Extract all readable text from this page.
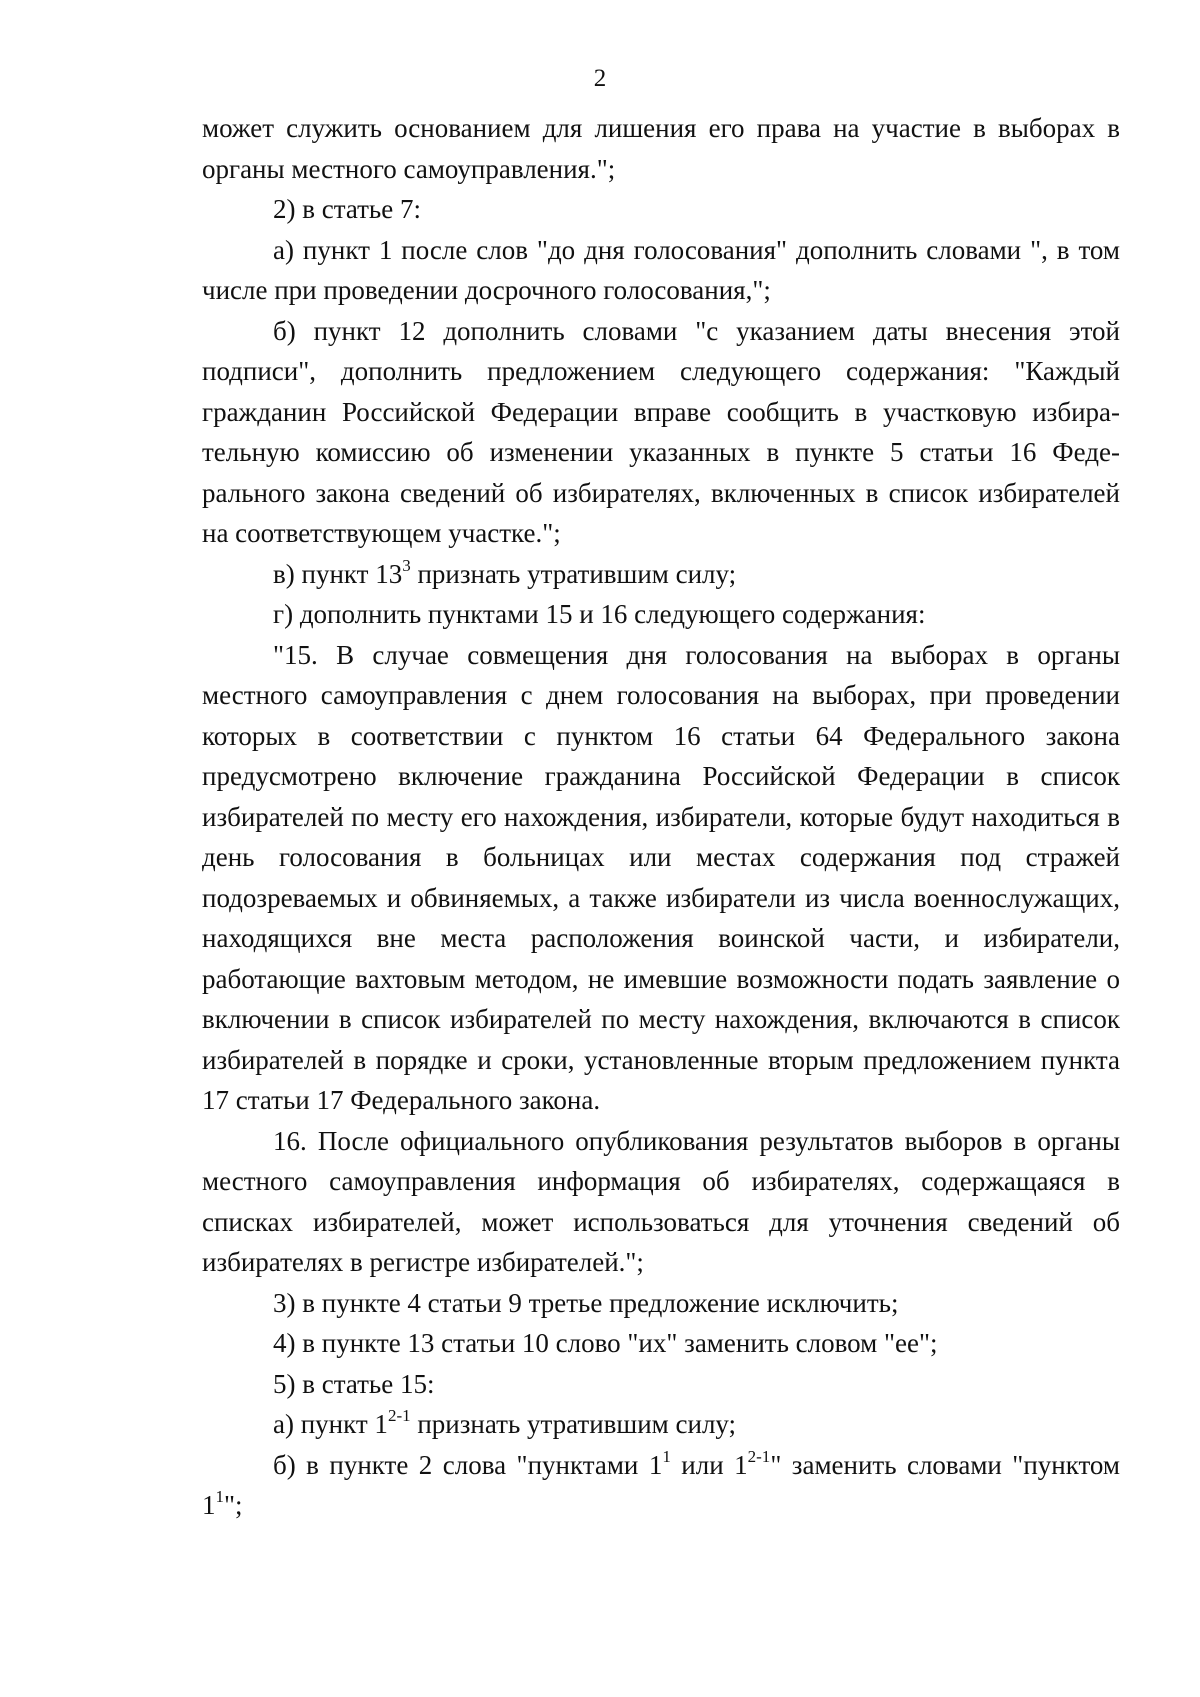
2

может служить основанием для лишения его права на участие в выборах в органы местного самоуправления.";

2) в статье 7:

а) пункт 1 после слов "до дня голосования" дополнить словами ", в том числе при проведении досрочного голосования,";

б) пункт 12 дополнить словами "с указанием даты внесения этой подписи", дополнить предложением следующего содержания: "Каждый гражданин Российской Федерации вправе сообщить в участковую избирательную комиссию об изменении указанных в пункте 5 статьи 16 Федерального закона сведений об избирателях, включенных в список избирателей на соответствующем участке.";

в) пункт $13^3$ признать утратившим силу;

г) дополнить пунктами 15 и 16 следующего содержания:

"15. В случае совмещения дня голосования на выборах в органы местного самоуправления с днем голосования на выборах, при проведении которых в соответствии с пунктом 16 статьи 64 Федерального закона предусмотрено включение гражданина Российской Федерации в список избирателей по месту его нахождения, избиратели, которые будут находиться в день голосования в больницах или местах содержания под стражей подозреваемых и обвиняемых, а также избиратели из числа военнослужащих, находящихся вне места расположения воинской части, и избиратели, работающие вахтовым методом, не имевшие возможности подать заявление о включении в список избирателей по месту нахождения, включаются в список избирателей в порядке и сроки, установленные вторым предложением пункта 17 статьи 17 Федерального закона.

16. После официального опубликования результатов выборов в органы местного самоуправления информация об избирателях, содержащаяся в списках избирателей, может использоваться для уточнения сведений об избирателях в регистре избирателей.";

3) в пункте 4 статьи 9 третье предложение исключить;

4) в пункте 13 статьи 10 слово "их" заменить словом "ее";

5) в статье 15:

а) пункт 1$^{2-1}$ признать утратившим силу;

б) в пункте 2 слова "пунктами $1^1$ или 1$^{2-1}$" заменить словами "пунктом $1^1$";
